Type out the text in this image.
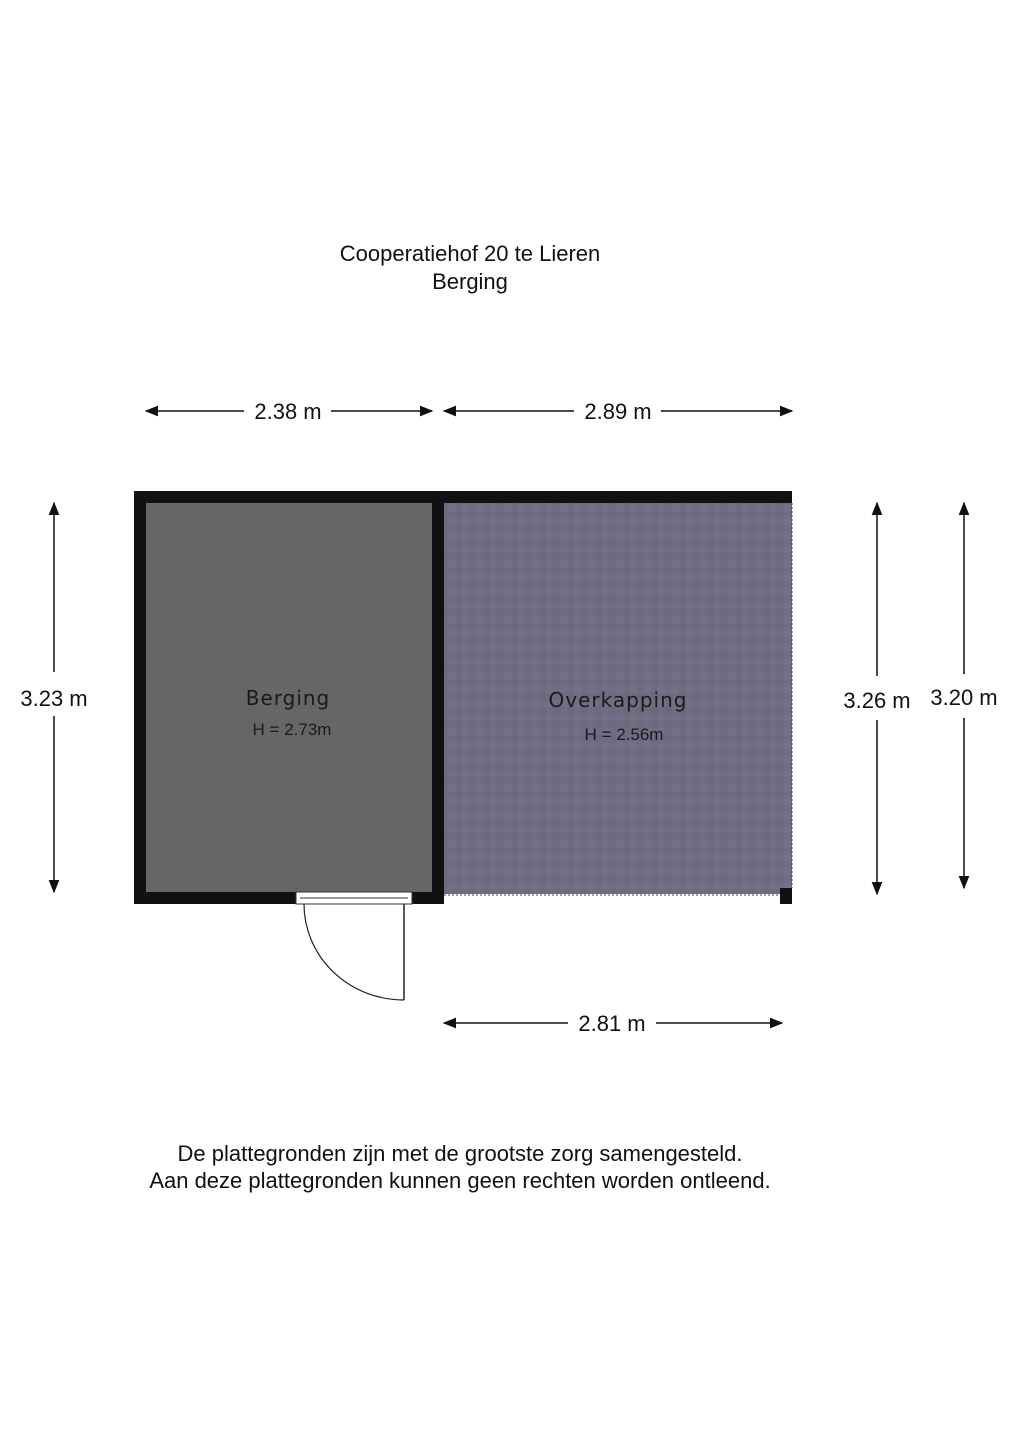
Cooperatiehof 20 te Lieren
Berging
2.38 m	2.89 m
3.23 m	3.26 m 3.20 m
2.81 m
Berging
H = 2.73m
Overkapping
H = 2.56m
De plattegronden zijn met de grootste zorg samengesteld.
Aan deze plattegronden kunnen geen rechten worden ontleend.
